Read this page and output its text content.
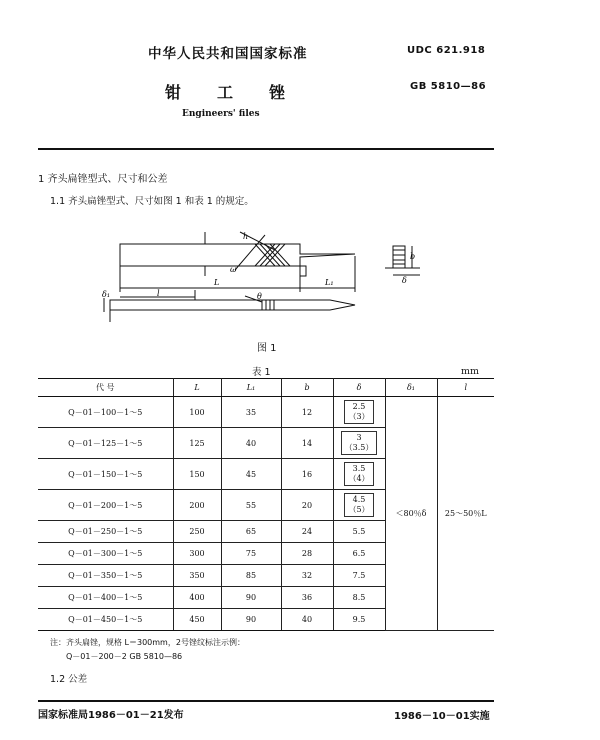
中华人民共和国国家标准	UDC 621.918
钳工锉	GB 5810—86
Engineers' files
1 齐头扁锉型式、尺寸和公差
1.1 齐头扁锉型式、尺寸如图 1 和表 1 的规定。
h
ω
L	L₁
b
δ
δ₁	l	θ
图 1
表 1	mm
代 号	L	L₁	b	δ	δ₁	l
Q－01－100－1～5	100	35	12	2.5
（3）	＜80％δ	25～50％L
Q－01－125－1～5	125	40	14	3
（3.5）		
Q－01－150－1～5	150	45	16	3.5
（4）		
Q－01－200－1～5	200	55	20	4.5
（5）		
Q－01－250－1～5	250	65	24	5.5		
Q－01－300－1～5	300	75	28	6.5		
Q－01－350－1～5	350	85	32	7.5		
Q－01－400－1～5	400	90	36	8.5		
Q－01－450－1～5	450	90	40	9.5		
注：齐头扁锉，规格 L＝300mm，2号锉纹标注示例：
Q－01－200－2 GB 5810—86
1.2 公差
国家标准局1986－01－21发布	1986－10－01实施
